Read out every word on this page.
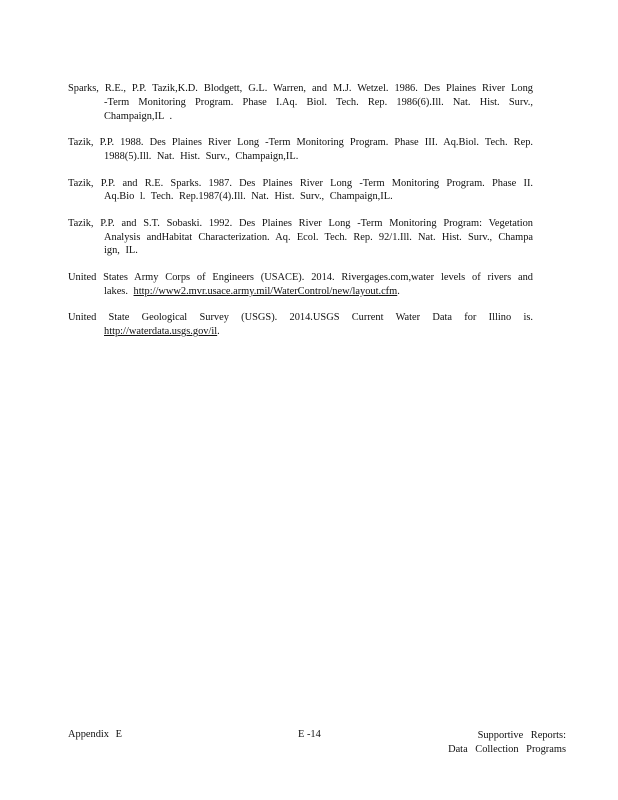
Sparks, R.E., P.P. Tazik,K.D. Blodgett, G.L. Warren, and M.J. Wetzel. 1986. Des Plaines River Long -Term Monitoring Program. Phase I.Aq. Biol. Tech. Rep. 1986(6).Ill. Nat. Hist. Surv., Champaign,IL .

Tazik, P.P. 1988. Des Plaines River Long -Term Monitoring Program. Phase III. Aq.Biol. Tech. Rep. 1988(5).Ill. Nat. Hist. Surv., Champaign,IL.

Tazik, P.P. and R.E. Sparks. 1987. Des Plaines River Long -Term Monitoring Program. Phase II. Aq.Bio l. Tech. Rep.1987(4).Ill. Nat. Hist. Surv., Champaign,IL.

Tazik, P.P. and S.T. Sobaski. 1992. Des Plaines River Long -Term Monitoring Program: Vegetation Analysis andHabitat Characterization. Aq. Ecol. Tech. Rep. 92/1.Ill. Nat. Hist. Surv., Champa ign, IL.

United States Army Corps of Engineers (USACE). 2014. Rivergages.com,water levels of rivers and lakes. http://www2.mvr.usace.army.mil/WaterControl/new/layout.cfm.

United State Geological Survey (USGS). 2014.USGS Current Water Data for Illino is. http://waterdata.usgs.gov/il.

Appendix E	E -14	Supportive Reports:
Data Collection Programs
